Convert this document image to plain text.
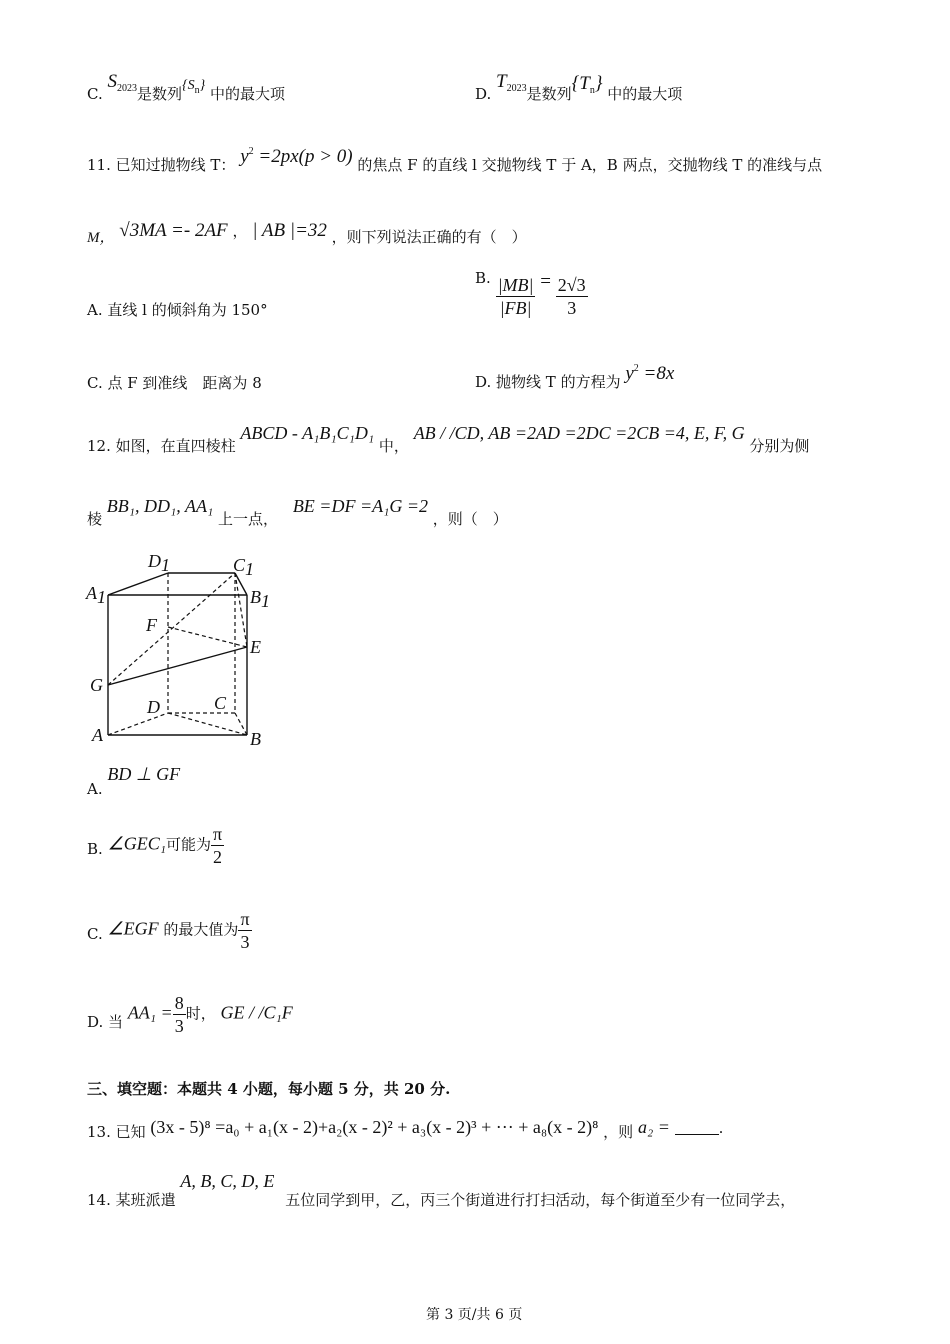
C. $S_{2023}$是数列$\{S_n\}$ 中的最大项	D. $T_{2023}$是数列$\{T_n\}$ 中的最大项
11. 已知过抛物线 T： $y^2 =2px(p > 0)$ 的焦点 F 的直线 l 交抛物线 T 于 A，B 两点，交抛物线 T 的准线与点
M， √3MA =- 2AF ， | AB |=32 ，则下列说法正确的有（　）
A. 直线 l 的倾斜角为 150°
B. $\frac{|MB|}{|FB|} = \frac{2√3}{3}$
C. 点 F 到准线　距离为 8	D. 抛物线 T 的方程为 $y^2 =8x$
12. 如图，在直四棱柱 ABCD - A₁B₁C₁D₁ 中， AB / /CD, AB =2AD =2DC =2CB =4, E, F, G 分别为侧
棱 BB₁, DD₁, AA₁ 上一点， BE =DF =A₁G =2 ，则（　）
D1	C1
A1	B1
F
E
G
D	C
A	B
A. BD ⊥ GF
B. ∠GEC₁可能为 $\frac{\pi}{2}$
C. ∠EGF 的最大值为 $\frac{\pi}{3}$
D. 当 $AA_1 = \frac{8}{3}$ 时， GE / /C₁F
三、填空题：本题共 4 小题，每小题 5 分，共 20 分.
13. 已知 (3x - 5)⁸ =a₀ + a₁(x - 2)+a₂(x - 2)² + a₃(x - 2)³ + ··· + a₈(x - 2)⁸ ，则 a₂ =	.
14. 某班派遣 A, B, C, D, E 五位同学到甲，乙，丙三个街道进行打扫活动，每个街道至少有一位同学去，
第 3 页/共 6 页
